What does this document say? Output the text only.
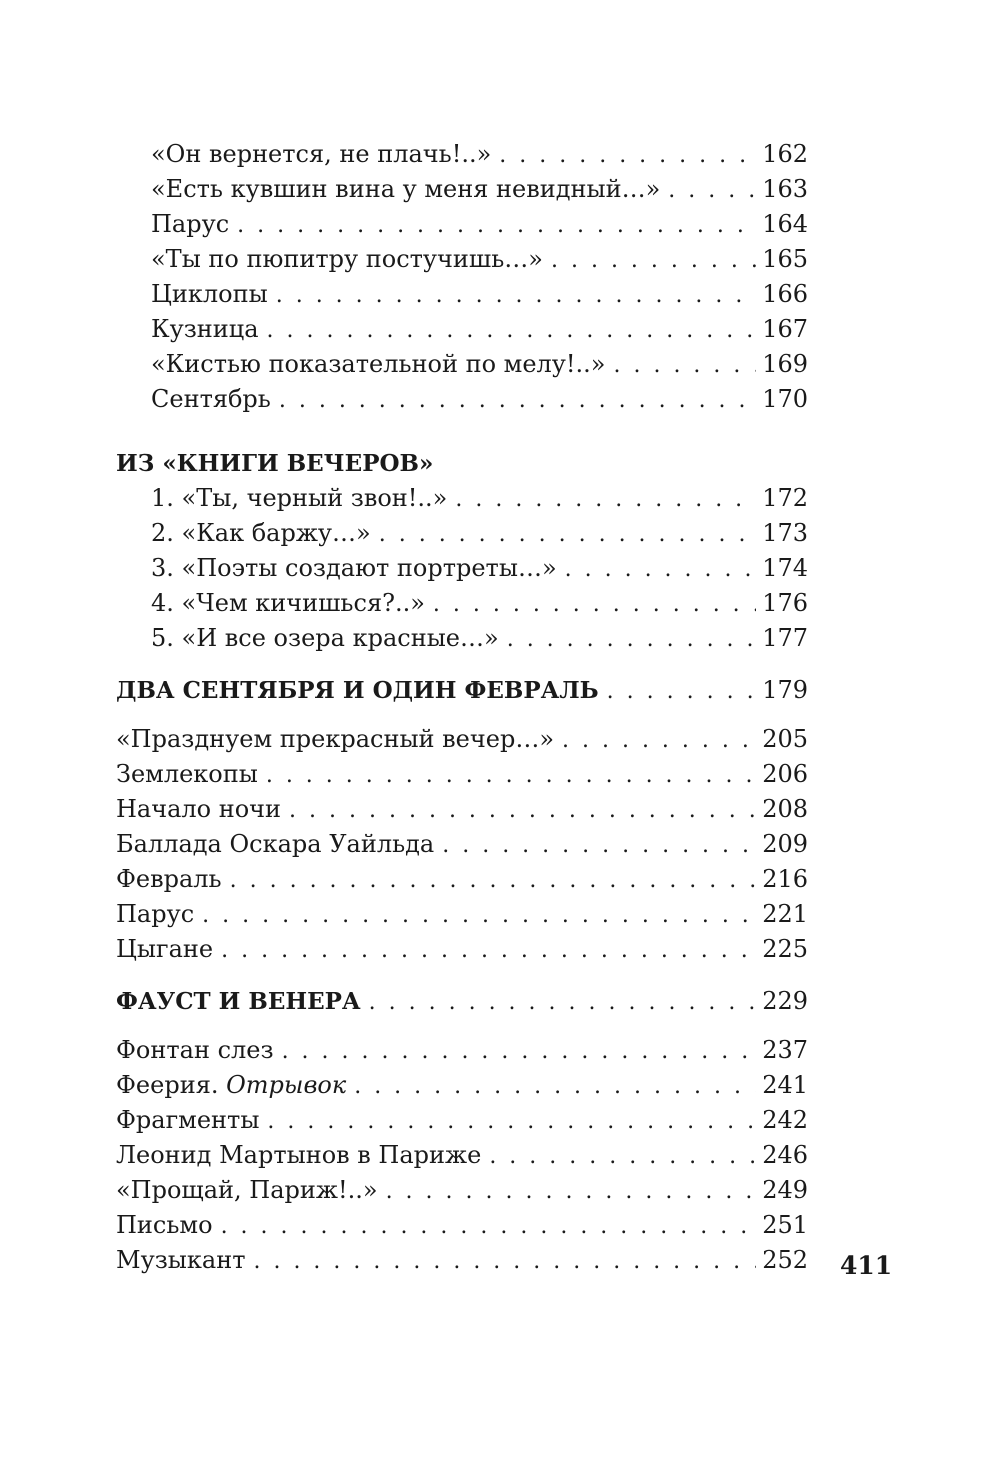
«Он вернется, не плачь!..» . . .	162
«Есть кувшин вина у меня невидный…» . . .	163
Парус . . .	164
«Ты по пюпитру постучишь…» . . .	165
Циклопы . . .	166
Кузница . . .	167
«Кистью показательной по мелу!..» . . .	169
Сентябрь . . .	170
ИЗ «КНИГИ ВЕЧЕРОВ»
1. «Ты, черный звон!..» . . .	172
2. «Как баржу…» . . .	173
3. «Поэты создают портреты…» . . .	174
4. «Чем кичишься?..» . . .	176
5. «И все озера красные…» . . .	177
ДВА СЕНТЯБРЯ И ОДИН ФЕВРАЛЬ . . .	179
«Празднуем прекрасный вечер…» . . .	205
Землекопы . . .	206
Начало ночи . . .	208
Баллада Оскара Уайльда . . .	209
Февраль . . .	216
Парус . . .	221
Цыгане . . .	225
ФАУСТ И ВЕНЕРА . . .	229
Фонтан слез . . .	237
Феерия. Отрывок . . .	241
Фрагменты . . .	242
Леонид Мартынов в Париже . . .	246
«Прощай, Париж!..» . . .	249
Письмо . . .	251
Музыкант . . .	252 411
